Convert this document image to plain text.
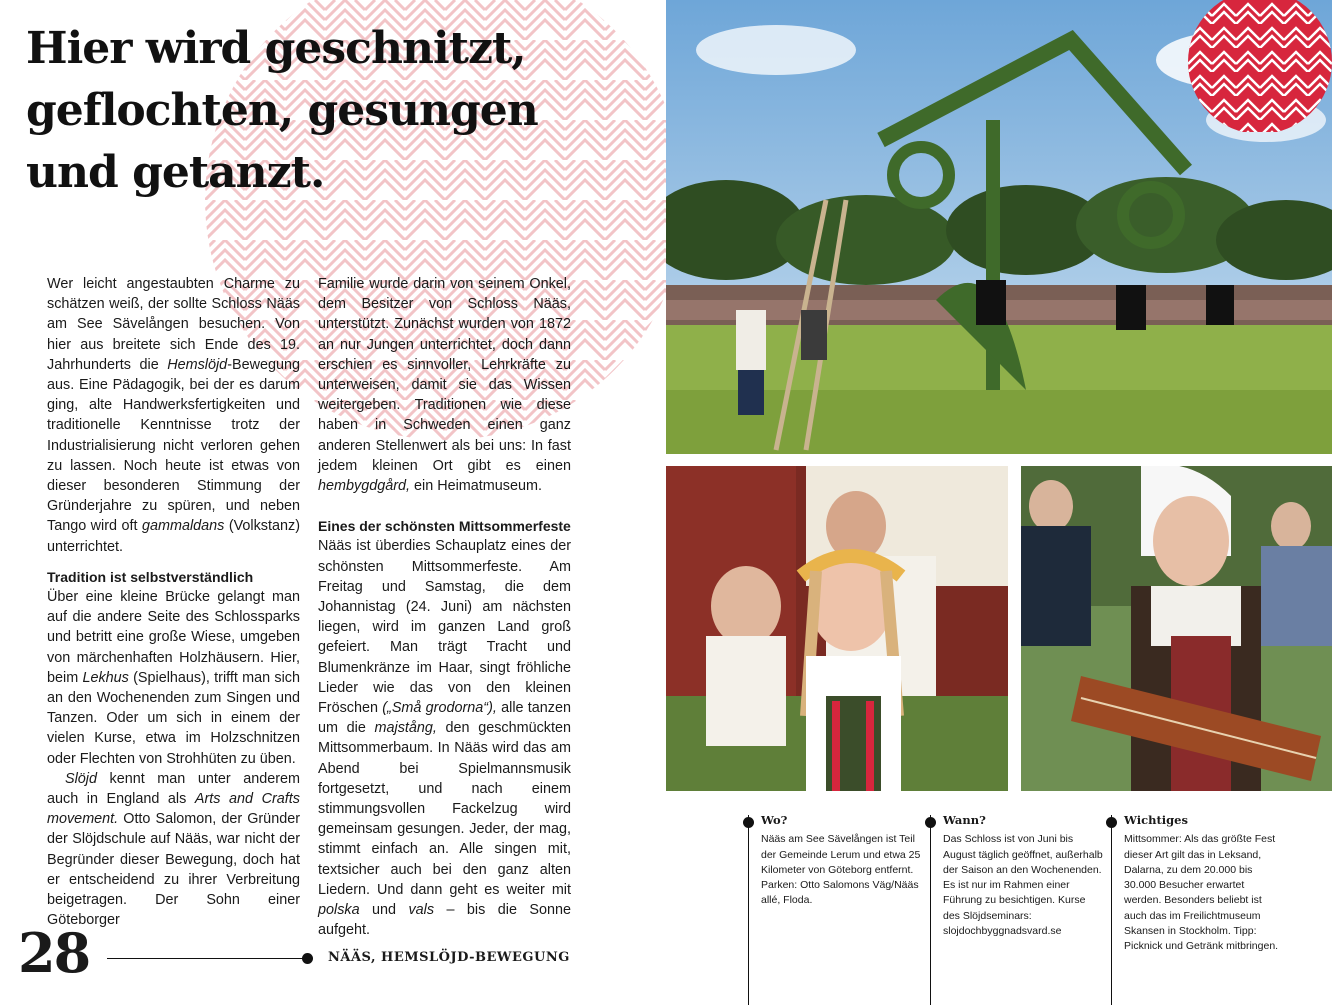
Hier wird geschnitzt,
geflochten, gesungen
und getanzt.

Wer leicht angestaubten Charme zu schätzen weiß, der sollte Schloss Nääs am See Sävelången besuchen. Von hier aus breitete sich Ende des 19. Jahrhunderts die Hemslöjd-Bewegung aus. Eine Pädagogik, bei der es darum ging, alte Handwerksfertigkeiten und traditionelle Kenntnisse trotz der Industrialisierung nicht verloren gehen zu lassen. Noch heute ist etwas von dieser besonderen Stimmung der Gründerjahre zu spüren, und neben Tango wird oft gammaldans (Volkstanz) unterrichtet.

Tradition ist selbstverständlich

Über eine kleine Brücke gelangt man auf die andere Seite des Schlossparks und betritt eine große Wiese, umgeben von märchenhaften Holzhäusern. Hier, beim Lekhus (Spielhaus), trifft man sich an den Wochenenden zum Singen und Tanzen. Oder um sich in einem der vielen Kurse, etwa im Holzschnitzen oder Flechten von Strohhüten zu üben.

Slöjd kennt man unter anderem auch in England als Arts and Crafts movement. Otto Salomon, der Gründer der Slöjdschule auf Nääs, war nicht der Begründer dieser Bewegung, doch hat er entscheidend zu ihrer Verbreitung beigetragen. Der Sohn einer Göteborger

Familie wurde darin von seinem Onkel, dem Besitzer von Schloss Nääs, unterstützt. Zunächst wurden von 1872 an nur Jungen unterrichtet, doch dann erschien es sinnvoller, Lehrkräfte zu unterweisen, damit sie das Wissen weitergeben. Traditionen wie diese haben in Schweden einen ganz anderen Stellenwert als bei uns: In fast jedem kleinen Ort gibt es einen hembygdgård, ein Heimatmuseum.

Eines der schönsten Mittsommerfeste

Nääs ist überdies Schauplatz eines der schönsten Mittsommerfeste. Am Freitag und Samstag, die dem Johannistag (24. Juni) am nächsten liegen, wird im ganzen Land groß gefeiert. Man trägt Tracht und Blumenkränze im Haar, singt fröhliche Lieder wie das von den kleinen Fröschen („Små grodorna“), alle tanzen um die majstång, den geschmückten Mittsommerbaum. In Nääs wird das am Abend bei Spielmannsmusik fortgesetzt, und nach einem stimmungsvollen Fackelzug wird gemeinsam gesungen. Jeder, der mag, stimmt einfach an. Alle singen mit, textsicher auch bei den ganz alten Liedern. Und dann geht es weiter mit polska und vals – bis die Sonne aufgeht.

Wo?

Nääs am See Sävelången ist Teil der Gemeinde Lerum und etwa 25 Kilometer von Göteborg entfernt. Parken: Otto Salomons Väg/Nääs allé, Floda.

Wann?

Das Schloss ist von Juni bis August täglich geöffnet, außerhalb der Saison an den Wochenenden. Es ist nur im Rahmen einer Führung zu besichtigen. Kurse des Slöjdseminars: slojdochbyggnadsvard.se

Wichtiges

Mittsommer: Als das größte Fest dieser Art gilt das in Leksand, Dalarna, zu dem 20.000 bis 30.000 Besucher erwartet werden. Besonders beliebt ist auch das im Freilichtmuseum Skansen in Stockholm. Tipp: Picknick und Getränk mitbringen.

28	NÄÄS, HEMSLÖJD-BEWEGUNG
